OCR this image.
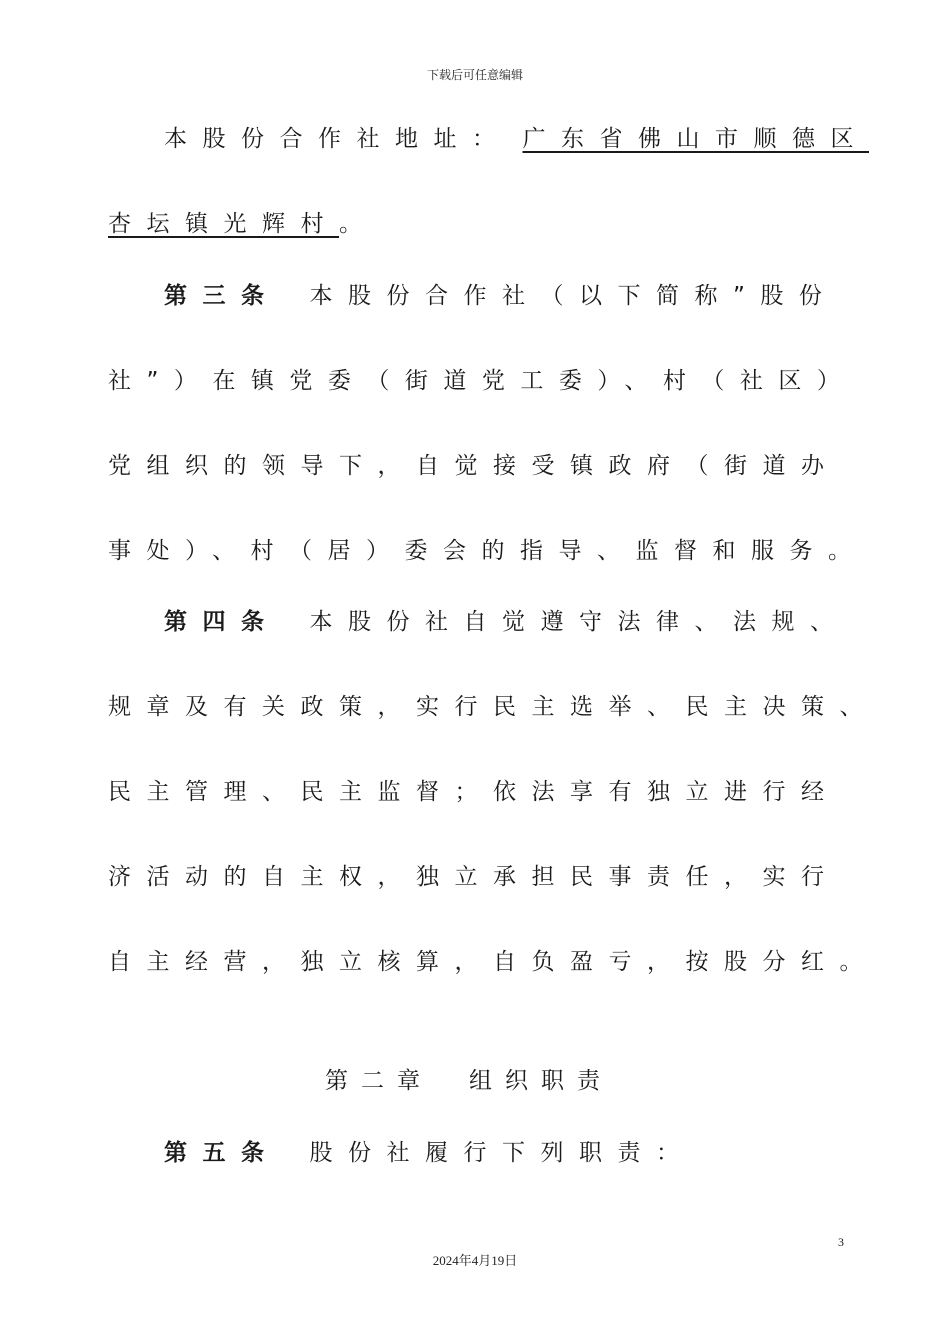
下载后可任意编辑
本股份合作社地址： 广东省佛山市顺德区
杏坛镇光辉村。
第三条 本股份合作社（以下简称”股份
社”）在镇党委（街道党工委）、村（社区）
党组织的领导下，自觉接受镇政府（街道办
事处）、村（居）委会的指导、监督和服务。
第四条 本股份社自觉遵守法律、法规、
规章及有关政策，实行民主选举、民主决策、
民主管理、民主监督；依法享有独立进行经
济活动的自主权，独立承担民事责任，实行
自主经营，独立核算，自负盈亏，按股分红。
第二章 组织职责
第五条 股份社履行下列职责：
3
2024年4月19日
